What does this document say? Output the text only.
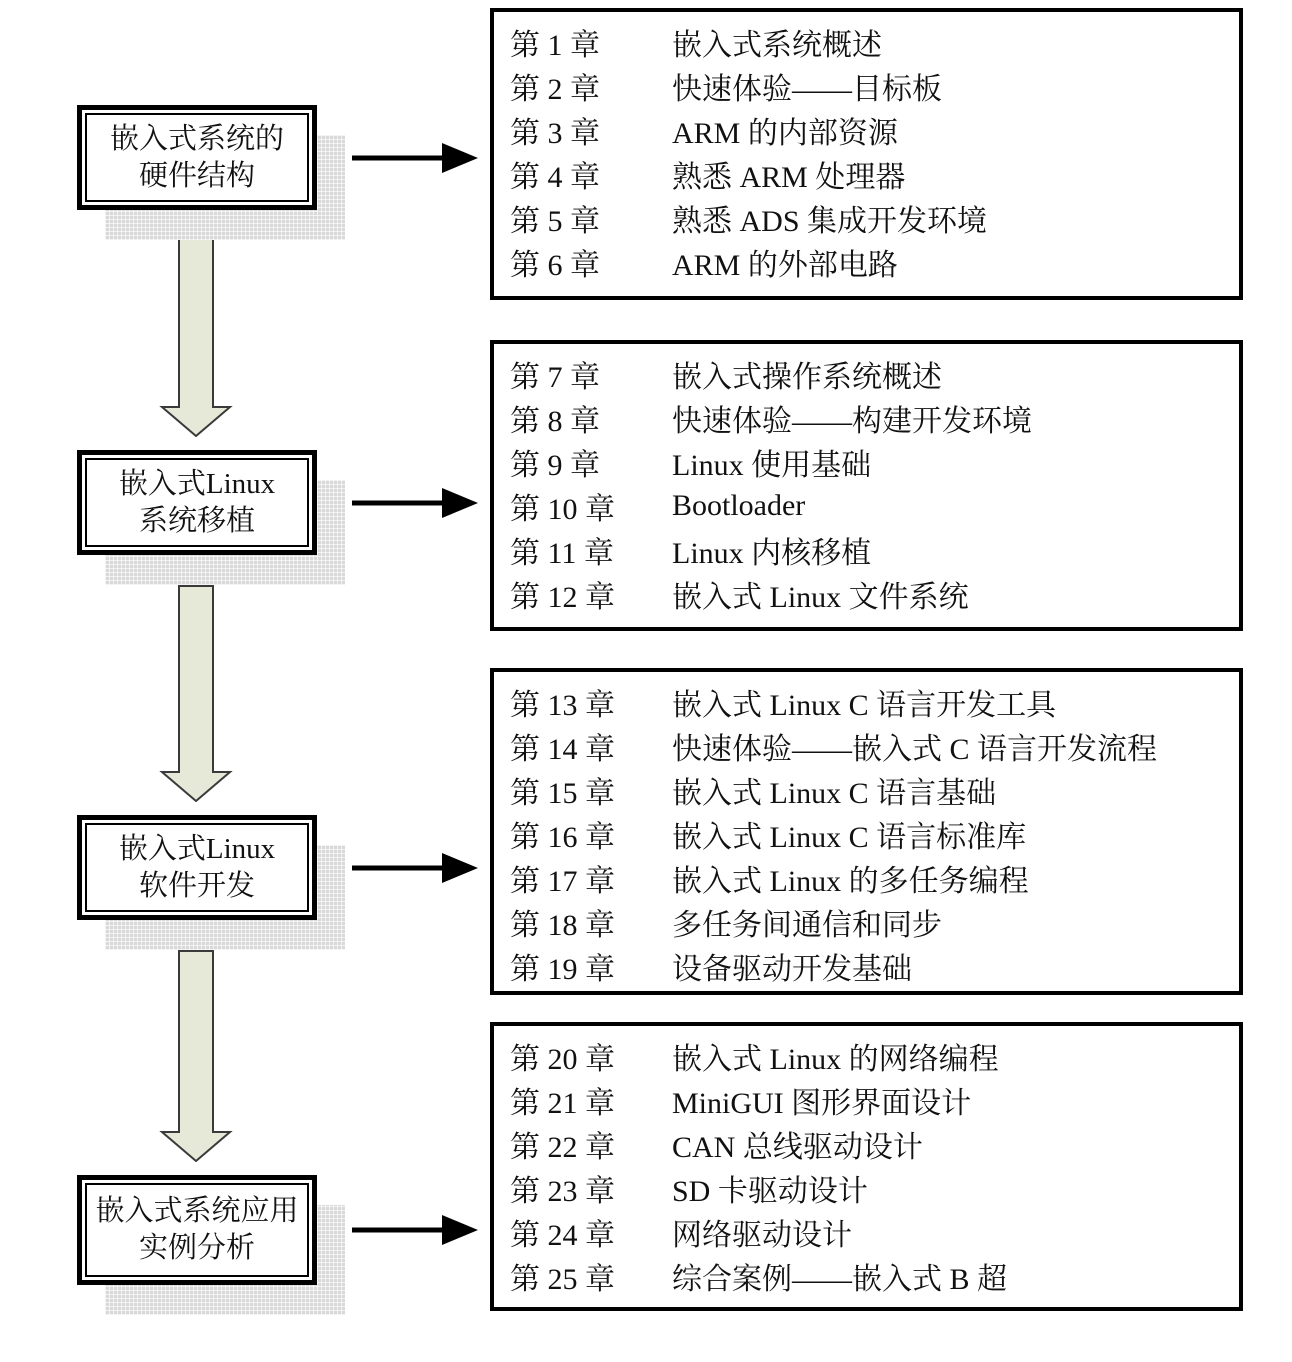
嵌入式系统的
硬件结构
第 1 章	嵌入式系统概述
第 2 章	快速体验——目标板
第 3 章	ARM 的内部资源
第 4 章	熟悉 ARM 处理器
第 5 章	熟悉 ADS 集成开发环境
第 6 章	ARM 的外部电路
嵌入式Linux
系统移植
第 7 章	嵌入式操作系统概述
第 8 章	快速体验——构建开发环境
第 9 章	Linux 使用基础
第 10 章	Bootloader
第 11 章	Linux 内核移植
第 12 章	嵌入式 Linux 文件系统
嵌入式Linux
软件开发
第 13 章	嵌入式 Linux C 语言开发工具
第 14 章	快速体验——嵌入式 C 语言开发流程
第 15 章	嵌入式 Linux C 语言基础
第 16 章	嵌入式 Linux C 语言标准库
第 17 章	嵌入式 Linux 的多任务编程
第 18 章	多任务间通信和同步
第 19 章	设备驱动开发基础
嵌入式系统应用
实例分析
第 20 章	嵌入式 Linux 的网络编程
第 21 章	MiniGUI 图形界面设计
第 22 章	CAN 总线驱动设计
第 23 章	SD 卡驱动设计
第 24 章	网络驱动设计
第 25 章	综合案例——嵌入式 B 超
